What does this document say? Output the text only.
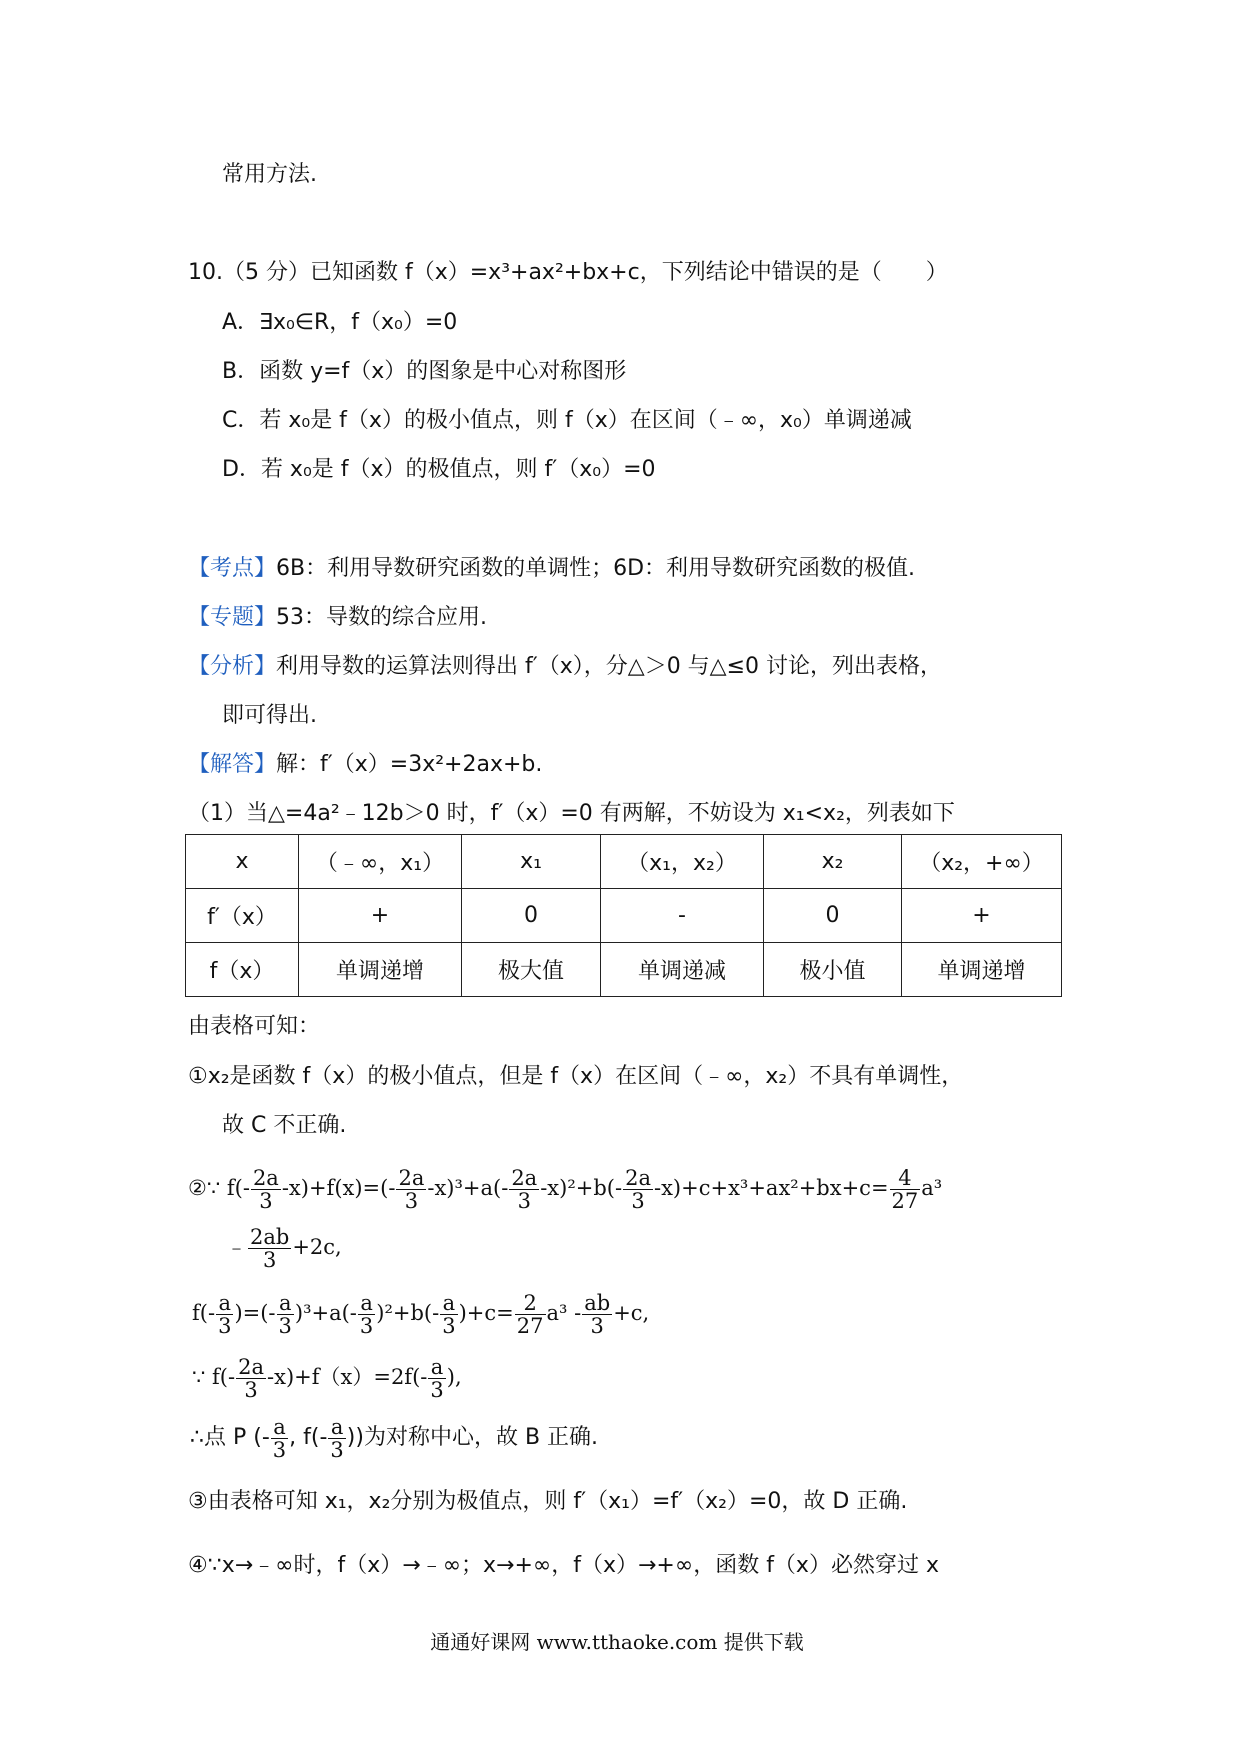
常用方法.
10.（5 分）已知函数 f（x）=x³+ax²+bx+c，下列结论中错误的是（　　）
A．∃x₀∈R，f（x₀）=0
B．函数 y=f（x）的图象是中心对称图形
C．若 x₀是 f（x）的极小值点，则 f（x）在区间（﹣∞，x₀）单调递减
D．若 x₀是 f（x）的极值点，则 f′（x₀）=0
【考点】6B：利用导数研究函数的单调性；6D：利用导数研究函数的极值.
【专题】53：导数的综合应用.
【分析】利用导数的运算法则得出 f′（x），分△＞0 与△≤0 讨论，列出表格，
即可得出.
【解答】解：f′（x）=3x²+2ax+b.
（1）当△=4a²﹣12b＞0 时，f′（x）=0 有两解，不妨设为 x₁<x₂，列表如下
x	（﹣∞，x₁）	x₁	（x₁，x₂）	x₂	（x₂，+∞）
f′（x）	+	0	-	0	+
f（x）	单调递增	极大值	单调递减	极小值	单调递增
由表格可知：
①x₂是函数 f（x）的极小值点，但是 f（x）在区间（﹣∞，x₂）不具有单调性，
故 C 不正确.
②∵ $f(- \frac{2a}{3} -x)+f(x)=(- \frac{2a}{3} -x)^3+a(- \frac{2a}{3} -x)^2+b(- \frac{2a}{3} -x)+c+x^3+ax^2+bx+c= \frac{4}{27} a^3$
﹣ $\frac{2ab}{3} +2c$,
$f(- \frac{a}{3}$ )=(- $\frac{a}{3} )^3+a(- \frac{a}{3} )^2+b(- \frac{a}{3} )+c= \frac{2}{27} a^3 - \frac{ab}{3} +c$,
∵ $f(- \frac{2a}{3} -x)+f(x)=2f(- \frac{a}{3}$ ),
∴点 P (- $\frac{a}{3}$ , $f(- \frac{a}{3}$ ))为对称中心，故 B 正确.
③由表格可知 x₁，x₂分别为极值点，则 f′（x₁）=f′（x₂）=0，故 D 正确.
④∵x→﹣∞时，f（x）→﹣∞；x→+∞，f（x）→+∞，函数 f（x）必然穿过 x
通通好课网 www.tthaoke.com 提供下载
